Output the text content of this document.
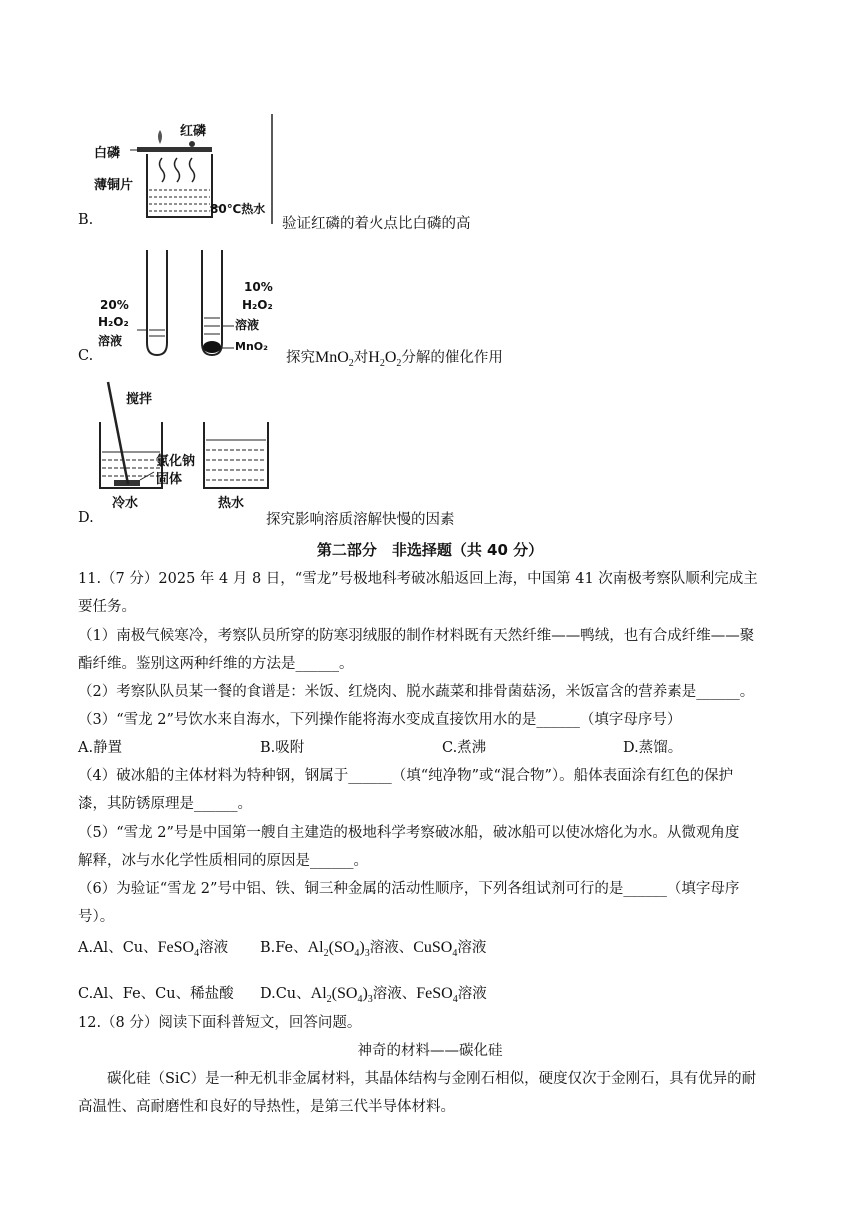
红磷
白磷
薄铜片
80℃热水
B.	验证红磷的着火点比白磷的高
20%
H₂O₂
溶液
10%
H₂O₂
溶液
MnO₂
C.	探究MnO$_2$对$H_2O_2$分解的催化作用
搅拌
氯化钠
固体
冷水	热水
D.	探究影响溶质溶解快慢的因素
第二部分　非选择题（共 40 分）
11.（7 分）2025 年 4 月 8 日，“雪龙”号极地科考破冰船返回上海，中国第 41 次南极考察队顺利完成主
要任务。
（1）南极气候寒冷，考察队员所穿的防寒羽绒服的制作材料既有天然纤维——鸭绒，也有合成纤维——聚
酯纤维。鉴别这两种纤维的方法是______。
（2）考察队队员某一餐的食谱是：米饭、红烧肉、脱水蔬菜和排骨菌菇汤，米饭富含的营养素是______。
（3）“雪龙 2”号饮水来自海水，下列操作能将海水变成直接饮用水的是______（填字母序号）
A.静置	B.吸附	C.煮沸	D.蒸馏。
（4）破冰船的主体材料为特种钢，钢属于______（填“纯净物”或“混合物”）。船体表面涂有红色的保护
漆，其防锈原理是______。
（5）“雪龙 2”号是中国第一艘自主建造的极地科学考察破冰船，破冰船可以使冰熔化为水。从微观角度
解释，冰与水化学性质相同的原因是______。
（6）为验证“雪龙 2”号中铝、铁、铜三种金属的活动性顺序，下列各组试剂可行的是______（填字母序
号）。
A.Al、Cu、FeSO$_4$溶液 B.Fe、$Al_2(SO_4)_3$溶液、CuSO$_4$溶液
C.Al、Fe、Cu、稀盐酸 D.Cu、$Al_2(SO_4)_3$溶液、FeSO$_4$溶液
12.（8 分）阅读下面科普短文，回答问题。
神奇的材料——碳化硅
碳化硅（SiC）是一种无机非金属材料，其晶体结构与金刚石相似，硬度仅次于金刚石，具有优异的耐
高温性、高耐磨性和良好的导热性，是第三代半导体材料。
